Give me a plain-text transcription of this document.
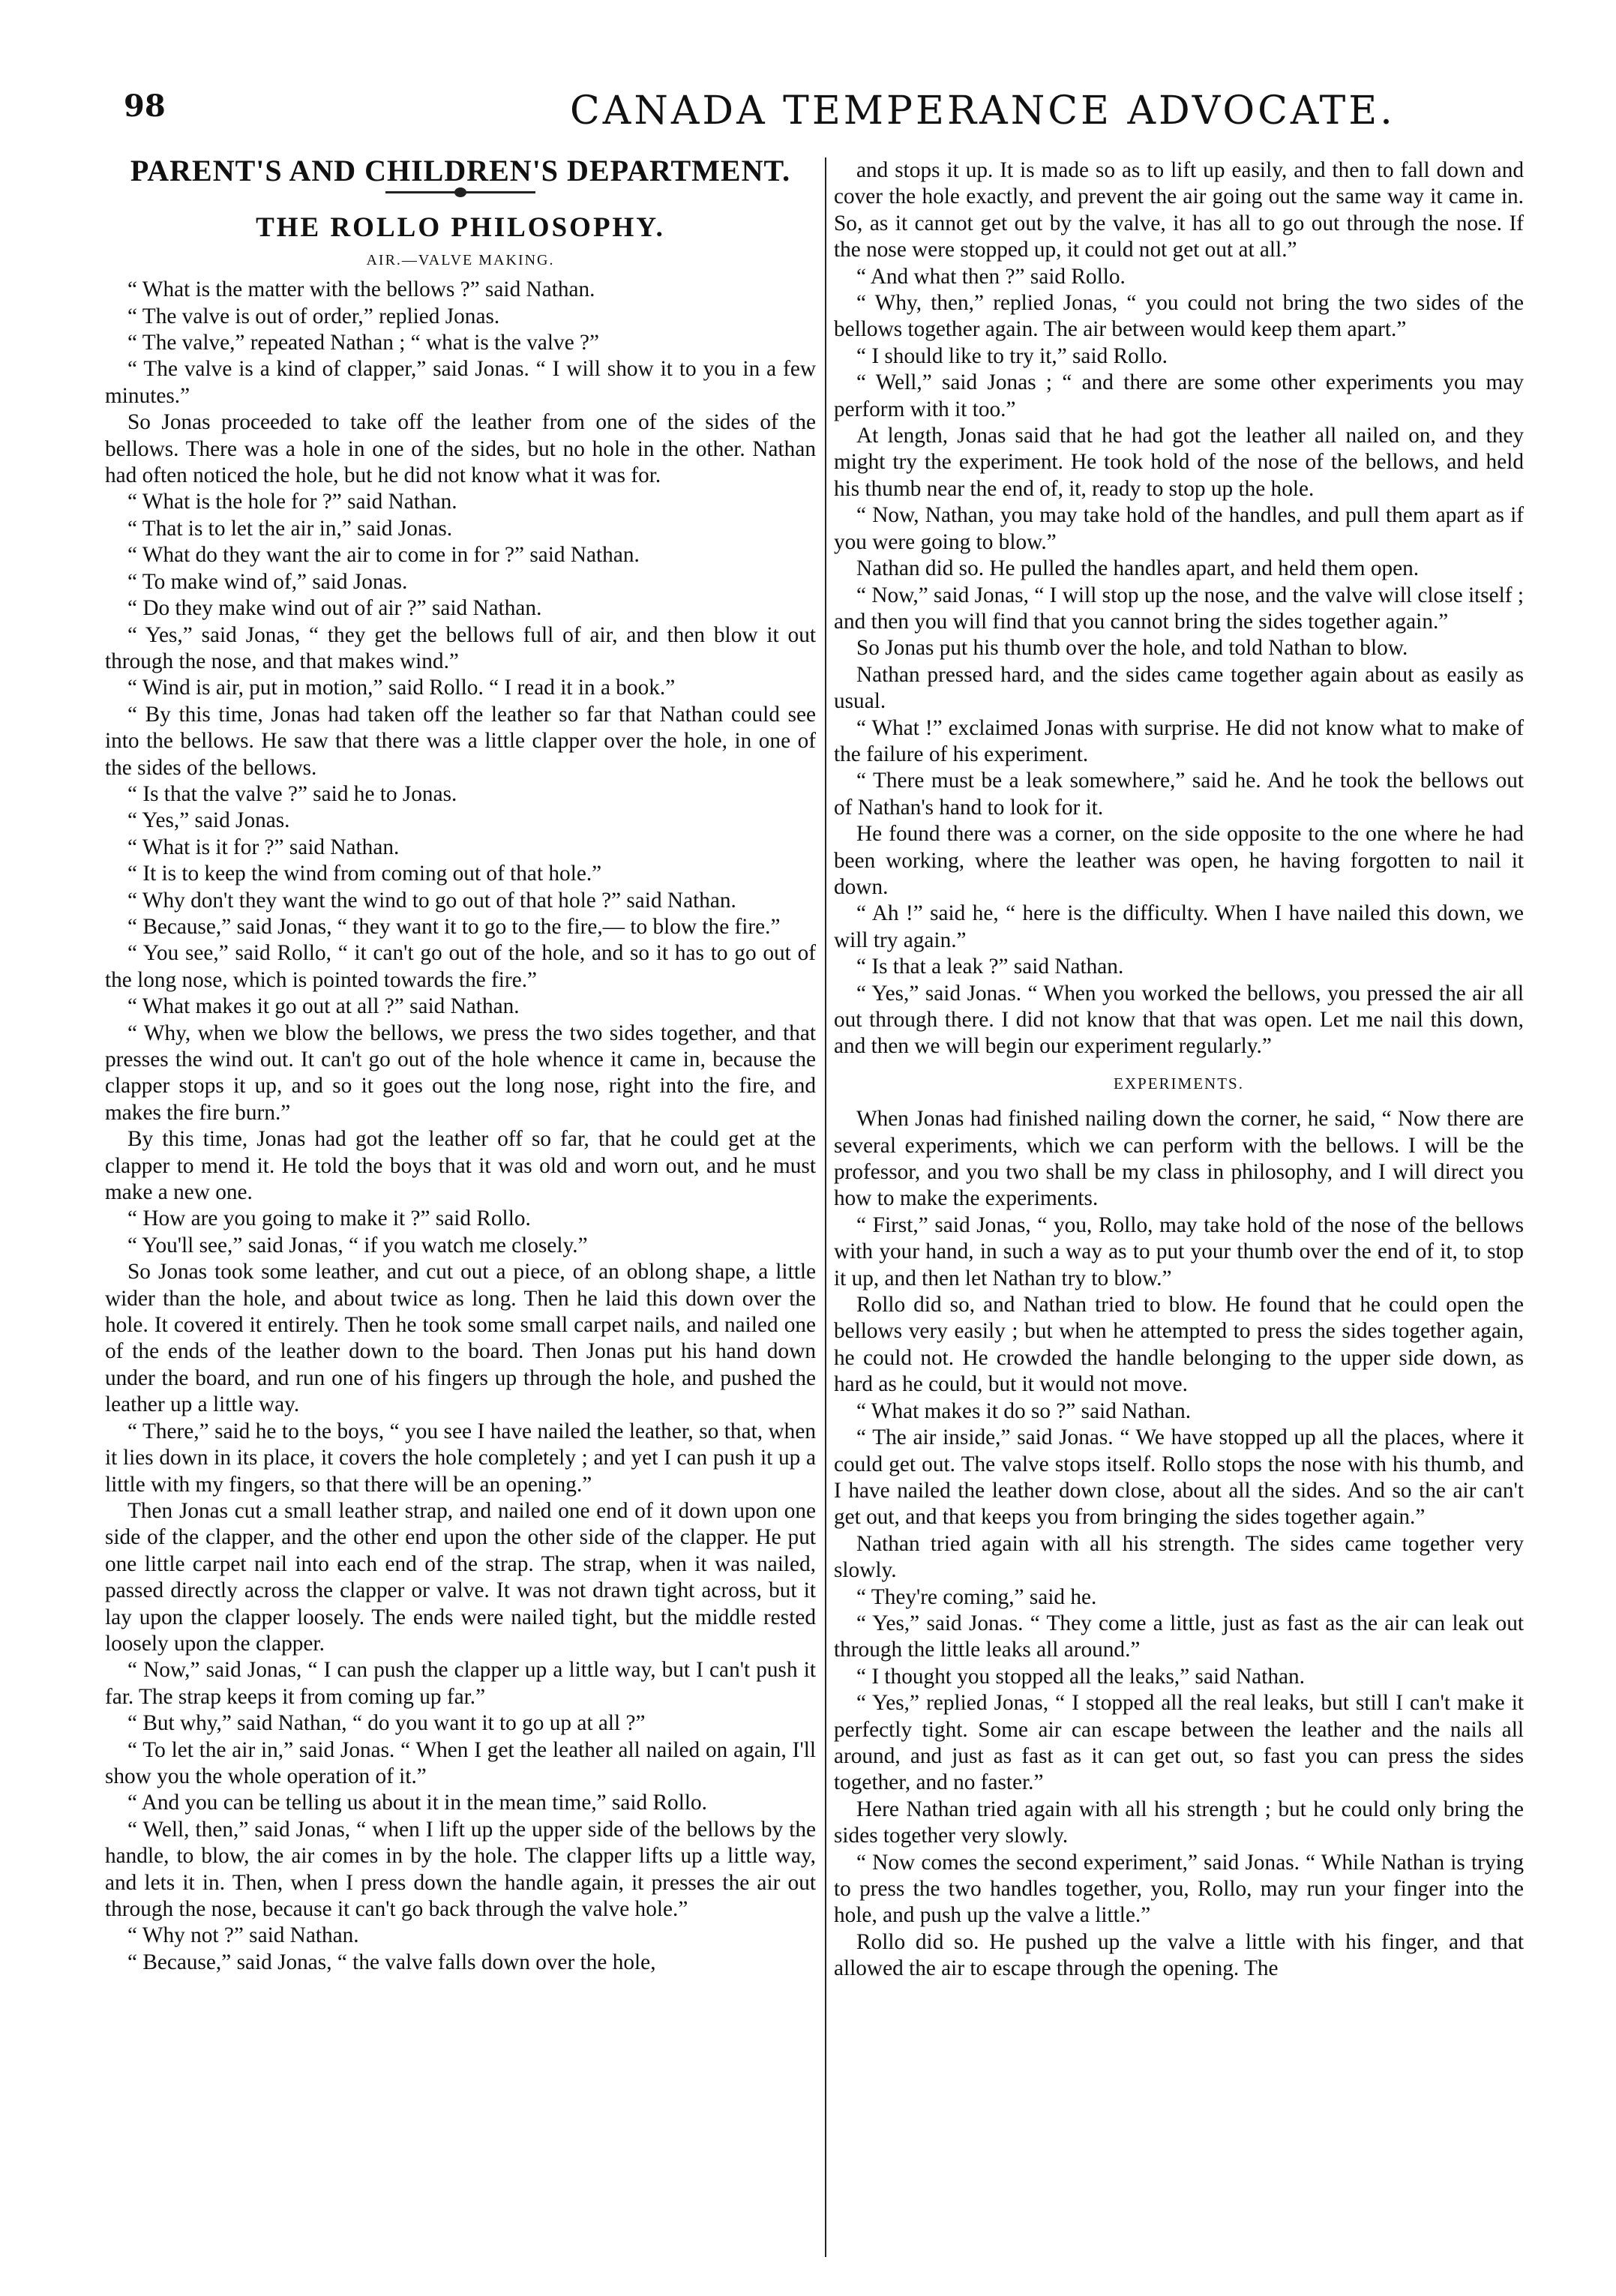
98	CANADA TEMPERANCE ADVOCATE.
PARENT'S AND CHILDREN'S DEPARTMENT.
THE ROLLO PHILOSOPHY.
AIR.—VALVE MAKING.

“ What is the matter with the bellows ?” said Nathan.

“ The valve is out of order,” replied Jonas.

“ The valve,” repeated Nathan ; “ what is the valve ?”

“ The valve is a kind of clapper,” said Jonas. “ I will show it to you in a few minutes.”

So Jonas proceeded to take off the leather from one of the sides of the bellows. There was a hole in one of the sides, but no hole in the other. Nathan had often noticed the hole, but he did not know what it was for.

“ What is the hole for ?” said Nathan.

“ That is to let the air in,” said Jonas.

“ What do they want the air to come in for ?” said Nathan.

“ To make wind of,” said Jonas.

“ Do they make wind out of air ?” said Nathan.

“ Yes,” said Jonas, “ they get the bellows full of air, and then blow it out through the nose, and that makes wind.”

“ Wind is air, put in motion,” said Rollo. “ I read it in a book.”

“ By this time, Jonas had taken off the leather so far that Nathan could see into the bellows. He saw that there was a little clapper over the hole, in one of the sides of the bellows.

“ Is that the valve ?” said he to Jonas.

“ Yes,” said Jonas.

“ What is it for ?” said Nathan.

“ It is to keep the wind from coming out of that hole.”

“ Why don't they want the wind to go out of that hole ?” said Nathan.

“ Because,” said Jonas, “ they want it to go to the fire,— to blow the fire.”

“ You see,” said Rollo, “ it can't go out of the hole, and so it has to go out of the long nose, which is pointed towards the fire.”

“ What makes it go out at all ?” said Nathan.

“ Why, when we blow the bellows, we press the two sides together, and that presses the wind out. It can't go out of the hole whence it came in, because the clapper stops it up, and so it goes out the long nose, right into the fire, and makes the fire burn.”

By this time, Jonas had got the leather off so far, that he could get at the clapper to mend it. He told the boys that it was old and worn out, and he must make a new one.

“ How are you going to make it ?” said Rollo.

“ You'll see,” said Jonas, “ if you watch me closely.”

So Jonas took some leather, and cut out a piece, of an oblong shape, a little wider than the hole, and about twice as long. Then he laid this down over the hole. It covered it entirely. Then he took some small carpet nails, and nailed one of the ends of the leather down to the board. Then Jonas put his hand down under the board, and run one of his fingers up through the hole, and pushed the leather up a little way.

“ There,” said he to the boys, “ you see I have nailed the leather, so that, when it lies down in its place, it covers the hole completely ; and yet I can push it up a little with my fingers, so that there will be an opening.”

Then Jonas cut a small leather strap, and nailed one end of it down upon one side of the clapper, and the other end upon the other side of the clapper. He put one little carpet nail into each end of the strap. The strap, when it was nailed, passed directly across the clapper or valve. It was not drawn tight across, but it lay upon the clapper loosely. The ends were nailed tight, but the middle rested loosely upon the clapper.

“ Now,” said Jonas, “ I can push the clapper up a little way, but I can't push it far. The strap keeps it from coming up far.”

“ But why,” said Nathan, “ do you want it to go up at all ?”

“ To let the air in,” said Jonas. “ When I get the leather all nailed on again, I'll show you the whole operation of it.”

“ And you can be telling us about it in the mean time,” said Rollo.

“ Well, then,” said Jonas, “ when I lift up the upper side of the bellows by the handle, to blow, the air comes in by the hole. The clapper lifts up a little way, and lets it in. Then, when I press down the handle again, it presses the air out through the nose, because it can't go back through the valve hole.”

“ Why not ?” said Nathan.

“ Because,” said Jonas, “ the valve falls down over the hole,

and stops it up. It is made so as to lift up easily, and then to fall down and cover the hole exactly, and prevent the air going out the same way it came in. So, as it cannot get out by the valve, it has all to go out through the nose. If the nose were stopped up, it could not get out at all.”

“ And what then ?” said Rollo.

“ Why, then,” replied Jonas, “ you could not bring the two sides of the bellows together again. The air between would keep them apart.”

“ I should like to try it,” said Rollo.

“ Well,” said Jonas ; “ and there are some other experiments you may perform with it too.”

At length, Jonas said that he had got the leather all nailed on, and they might try the experiment. He took hold of the nose of the bellows, and held his thumb near the end of, it, ready to stop up the hole.

“ Now, Nathan, you may take hold of the handles, and pull them apart as if you were going to blow.”

Nathan did so. He pulled the handles apart, and held them open.

“ Now,” said Jonas, “ I will stop up the nose, and the valve will close itself ; and then you will find that you cannot bring the sides together again.”

So Jonas put his thumb over the hole, and told Nathan to blow.

Nathan pressed hard, and the sides came together again about as easily as usual.

“ What !” exclaimed Jonas with surprise. He did not know what to make of the failure of his experiment.

“ There must be a leak somewhere,” said he. And he took the bellows out of Nathan's hand to look for it.

He found there was a corner, on the side opposite to the one where he had been working, where the leather was open, he having forgotten to nail it down.

“ Ah !” said he, “ here is the difficulty. When I have nailed this down, we will try again.”

“ Is that a leak ?” said Nathan.

“ Yes,” said Jonas. “ When you worked the bellows, you pressed the air all out through there. I did not know that that was open. Let me nail this down, and then we will begin our experiment regularly.”

EXPERIMENTS.

When Jonas had finished nailing down the corner, he said, “ Now there are several experiments, which we can perform with the bellows. I will be the professor, and you two shall be my class in philosophy, and I will direct you how to make the experiments.

“ First,” said Jonas, “ you, Rollo, may take hold of the nose of the bellows with your hand, in such a way as to put your thumb over the end of it, to stop it up, and then let Nathan try to blow.”

Rollo did so, and Nathan tried to blow. He found that he could open the bellows very easily ; but when he attempted to press the sides together again, he could not. He crowded the handle belonging to the upper side down, as hard as he could, but it would not move.

“ What makes it do so ?” said Nathan.

“ The air inside,” said Jonas. “ We have stopped up all the places, where it could get out. The valve stops itself. Rollo stops the nose with his thumb, and I have nailed the leather down close, about all the sides. And so the air can't get out, and that keeps you from bringing the sides together again.”

Nathan tried again with all his strength. The sides came together very slowly.

“ They're coming,” said he.

“ Yes,” said Jonas. “ They come a little, just as fast as the air can leak out through the little leaks all around.”

“ I thought you stopped all the leaks,” said Nathan.

“ Yes,” replied Jonas, “ I stopped all the real leaks, but still I can't make it perfectly tight. Some air can escape between the leather and the nails all around, and just as fast as it can get out, so fast you can press the sides together, and no faster.”

Here Nathan tried again with all his strength ; but he could only bring the sides together very slowly.

“ Now comes the second experiment,” said Jonas. “ While Nathan is trying to press the two handles together, you, Rollo, may run your finger into the hole, and push up the valve a little.”

Rollo did so. He pushed up the valve a little with his finger, and that allowed the air to escape through the opening. The
